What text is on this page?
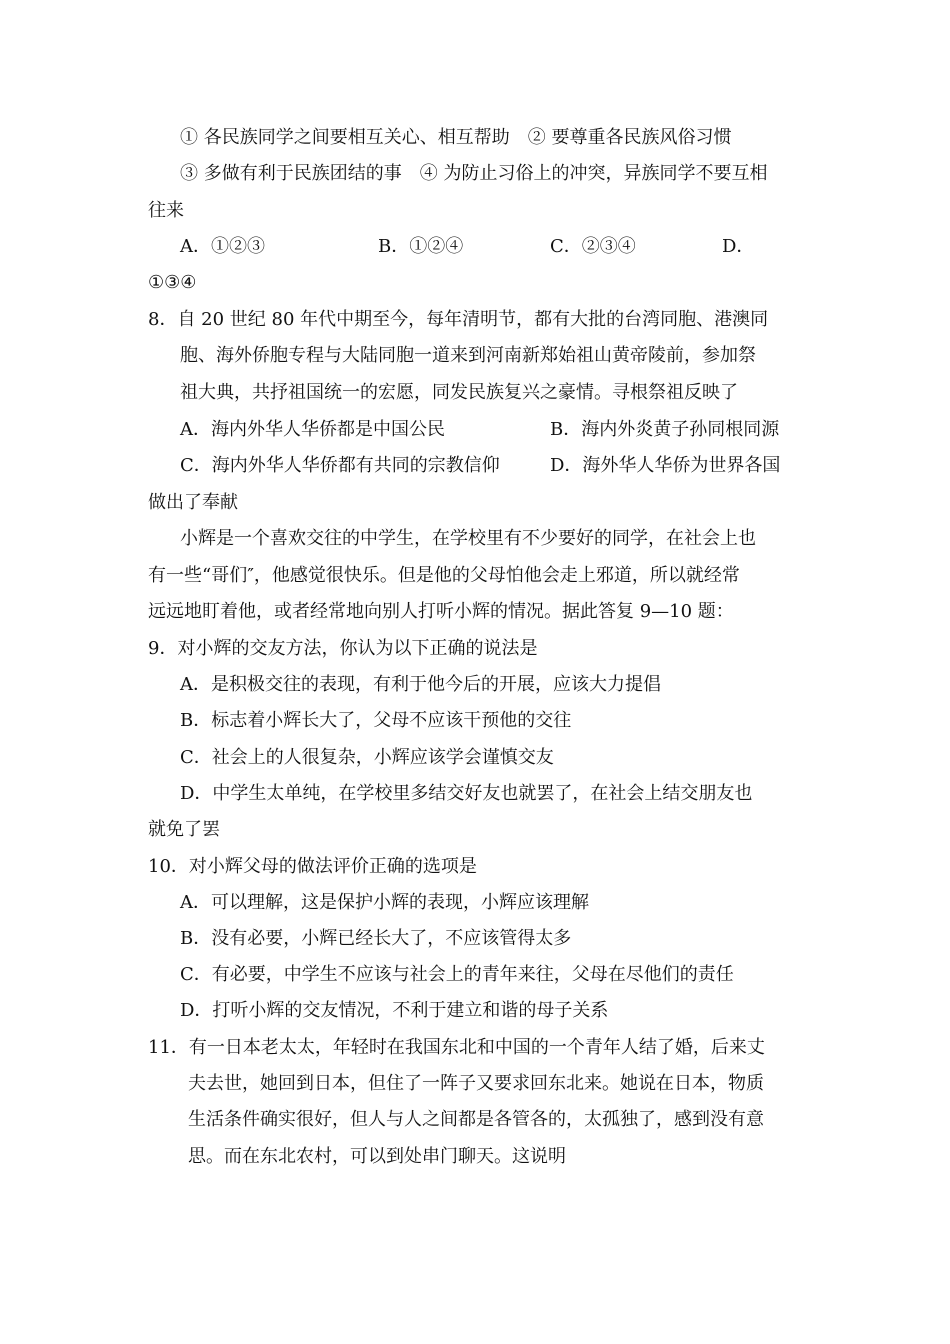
① 各民族同学之间要相互关心、相互帮助　② 要尊重各民族风俗习惯
③ 多做有利于民族团结的事　④ 为防止习俗上的冲突，异族同学不要互相
往来
A．①②③	B．①②④	C．②③④	D．
①③④
8．自 20 世纪 80 年代中期至今，每年清明节，都有大批的台湾同胞、港澳同
胞、海外侨胞专程与大陆同胞一道来到河南新郑始祖山黄帝陵前，参加祭
祖大典，共抒祖国统一的宏愿，同发民族复兴之豪情。寻根祭祖反映了
A．海内外华人华侨都是中国公民	B．海内外炎黄子孙同根同源
C．海内外华人华侨都有共同的宗教信仰	D．海外华人华侨为世界各国
做出了奉献
小辉是一个喜欢交往的中学生，在学校里有不少要好的同学，在社会上也
有一些“哥们″，他感觉很快乐。但是他的父母怕他会走上邪道，所以就经常
远远地盯着他，或者经常地向别人打听小辉的情况。据此答复 9—10 题：
9．对小辉的交友方法，你认为以下正确的说法是
A．是积极交往的表现，有利于他今后的开展，应该大力提倡
B．标志着小辉长大了，父母不应该干预他的交往
C．社会上的人很复杂，小辉应该学会谨慎交友
D．中学生太单纯，在学校里多结交好友也就罢了，在社会上结交朋友也
就免了罢
10．对小辉父母的做法评价正确的选项是
A．可以理解，这是保护小辉的表现，小辉应该理解
B．没有必要，小辉已经长大了，不应该管得太多
C．有必要，中学生不应该与社会上的青年来往，父母在尽他们的责任
D．打听小辉的交友情况，不利于建立和谐的母子关系
11．有一日本老太太，年轻时在我国东北和中国的一个青年人结了婚，后来丈
夫去世，她回到日本，但住了一阵子又要求回东北来。她说在日本，物质
生活条件确实很好，但人与人之间都是各管各的，太孤独了，感到没有意
思。而在东北农村，可以到处串门聊天。这说明
